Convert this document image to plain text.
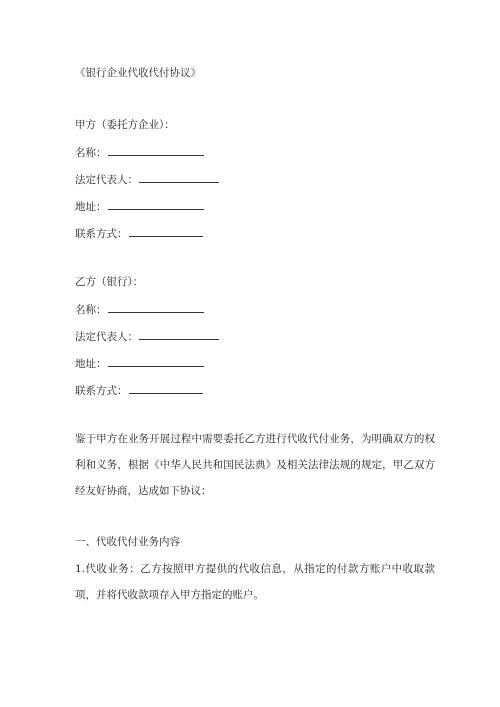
《银行企业代收代付协议》
甲方（委托方企业）：
名称：
法定代表人：
地址：
联系方式：
乙方（银行）：
名称：
法定代表人：
地址：
联系方式：
鉴于甲方在业务开展过程中需要委托乙方进行代收代付业务，为明确双方的权利和义务，根据《中华人民共和国民法典》及相关法律法规的规定，甲乙双方经友好协商，达成如下协议：
一、代收代付业务内容
1.代收业务：乙方按照甲方提供的代收信息，从指定的付款方账户中收取款项，并将代收款项存入甲方指定的账户。
